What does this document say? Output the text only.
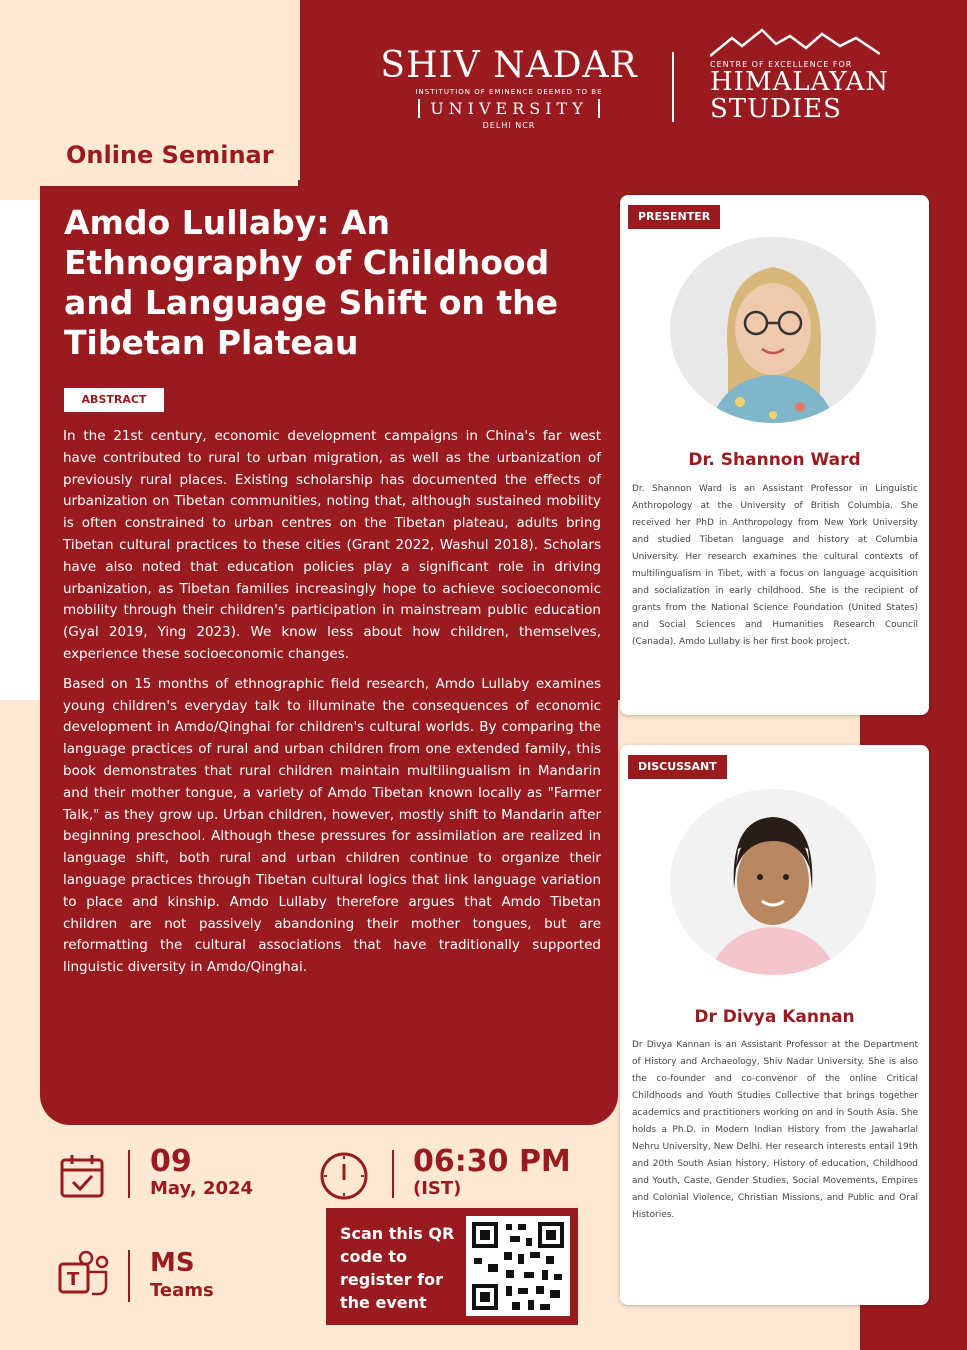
SHIV NADAR
INSTITUTION OF EMINENCE DEEMED TO BE
UNIVERSITY
DELHI NCR
CENTRE OF EXCELLENCE FOR
HIMALAYAN
STUDIES
Online Seminar
Amdo Lullaby: An Ethnography of Childhood and Language Shift on the Tibetan Plateau
ABSTRACT

In the 21st century, economic development campaigns in China's far west have contributed to rural to urban migration, as well as the urbanization of previously rural places. Existing scholarship has documented the effects of urbanization on Tibetan communities, noting that, although sustained mobility is often constrained to urban centres on the Tibetan plateau, adults bring Tibetan cultural practices to these cities (Grant 2022, Washul 2018). Scholars have also noted that education policies play a significant role in driving urbanization, as Tibetan families increasingly hope to achieve socioeconomic mobility through their children's participation in mainstream public education (Gyal 2019, Ying 2023). We know less about how children, themselves, experience these socioeconomic changes.

Based on 15 months of ethnographic field research, Amdo Lullaby examines young children's everyday talk to illuminate the consequences of economic development in Amdo/Qinghai for children's cultural worlds. By comparing the language practices of rural and urban children from one extended family, this book demonstrates that rural children maintain multilingualism in Mandarin and their mother tongue, a variety of Amdo Tibetan known locally as "Farmer Talk," as they grow up. Urban children, however, mostly shift to Mandarin after beginning preschool. Although these pressures for assimilation are realized in language shift, both rural and urban children continue to organize their language practices through Tibetan cultural logics that link language variation to place and kinship. Amdo Lullaby therefore argues that Amdo Tibetan children are not passively abandoning their mother tongues, but are reformatting the cultural associations that have traditionally supported linguistic diversity in Amdo/Qinghai.

PRESENTER
Dr. Shannon Ward
Dr. Shannon Ward is an Assistant Professor in Linguistic Anthropology at the University of British Columbia. She received her PhD in Anthropology from New York University and studied Tibetan language and history at Columbia University. Her research examines the cultural contexts of multilingualism in Tibet, with a focus on language acquisition and socialization in early childhood. She is the recipient of grants from the National Science Foundation (United States) and Social Sciences and Humanities Research Council (Canada). Amdo Lullaby is her first book project.
DISCUSSANT
Dr Divya Kannan
Dr Divya Kannan is an Assistant Professor at the Department of History and Archaeology, Shiv Nadar University. She is also the co-founder and co-convenor of the online Critical Childhoods and Youth Studies Collective that brings together academics and practitioners working on and in South Asia. She holds a Ph.D. in Modern Indian History from the Jawaharlal Nehru University, New Delhi. Her research interests entail 19th and 20th South Asian history, History of education, Childhood and Youth, Caste, Gender Studies, Social Movements, Empires and Colonial Violence, Christian Missions, and Public and Oral Histories.
09
May, 2024
06:30 PM
(IST)
T
MS
Teams
Scan this QR code to register for the event
